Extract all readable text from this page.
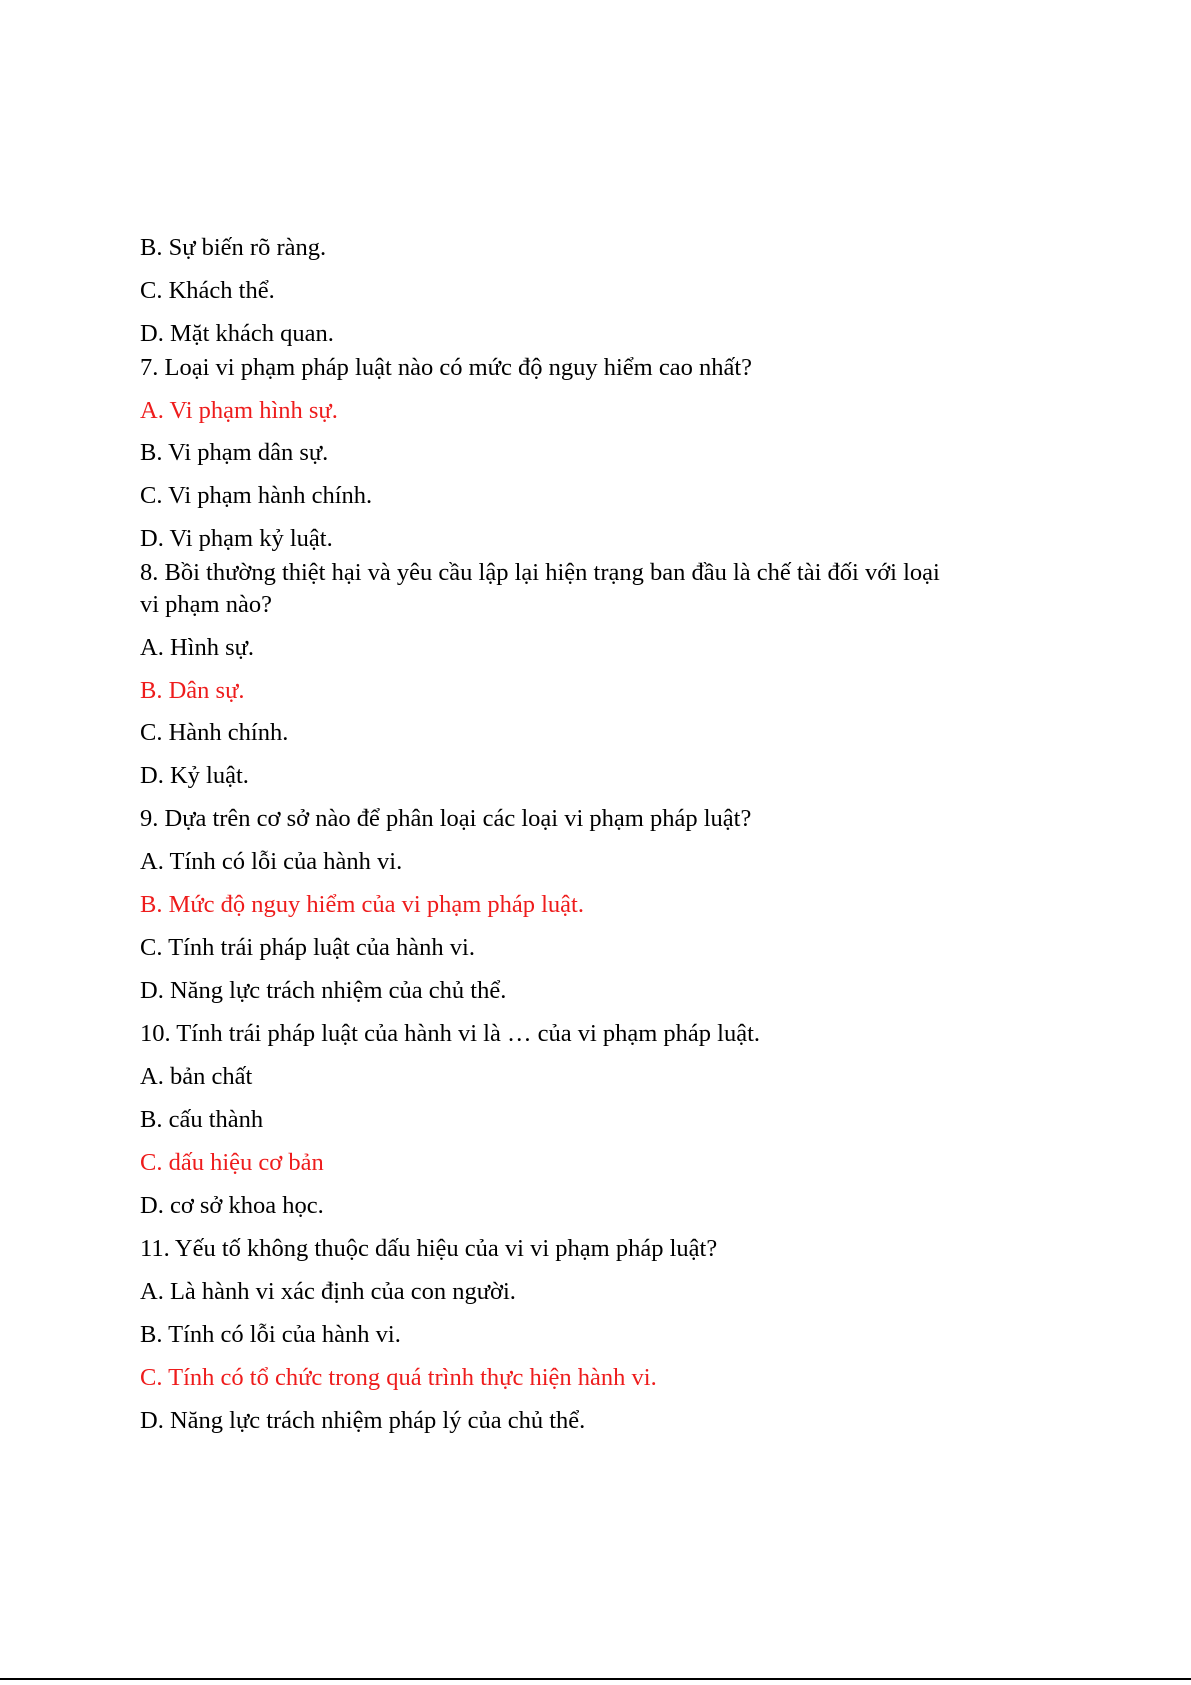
B. Sự biến rõ ràng.
C. Khách thể.
D. Mặt khách quan.
7. Loại vi phạm pháp luật nào có mức độ nguy hiểm cao nhất?
A. Vi phạm hình sự.
B. Vi phạm dân sự.
C. Vi phạm hành chính.
D. Vi phạm kỷ luật.
8. Bồi thường thiệt hại và yêu cầu lập lại hiện trạng ban đầu là chế tài đối với loại
vi phạm nào?
A. Hình sự.
B. Dân sự.
C. Hành chính.
D. Kỷ luật.
9. Dựa trên cơ sở nào để phân loại các loại vi phạm pháp luật?
A. Tính có lỗi của hành vi.
B. Mức độ nguy hiểm của vi phạm pháp luật.
C. Tính trái pháp luật của hành vi.
D. Năng lực trách nhiệm của chủ thể.
10. Tính trái pháp luật của hành vi là … của vi phạm pháp luật.
A. bản chất
B. cấu thành
C. dấu hiệu cơ bản
D. cơ sở khoa học.
11. Yếu tố không thuộc dấu hiệu của vi vi phạm pháp luật?
A. Là hành vi xác định của con người.
B. Tính có lỗi của hành vi.
C. Tính có tổ chức trong quá trình thực hiện hành vi.
D. Năng lực trách nhiệm pháp lý của chủ thể.
